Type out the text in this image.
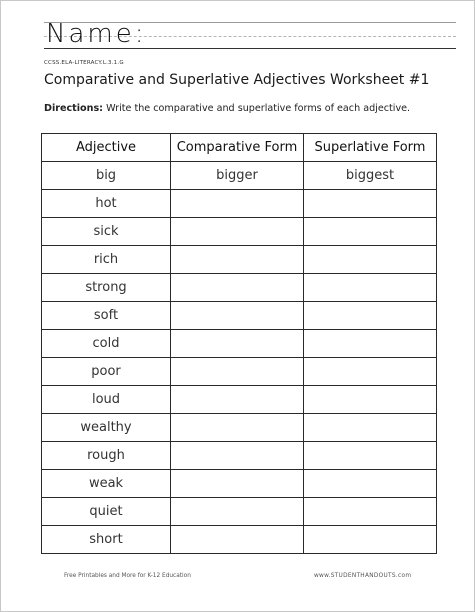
Name:
CCSS.ELA-LITERACY.L.3.1.G
Comparative and Superlative Adjectives Worksheet #1
Directions: Write the comparative and superlative forms of each adjective.
Adjective	Comparative Form	Superlative Form
big	bigger	biggest
hot		
sick		
rich		
strong		
soft		
cold		
poor		
loud		
wealthy		
rough		
weak		
quiet		
short		
Free Printables and More for K-12 Education	www.STUDENTHANDOUTS.com
